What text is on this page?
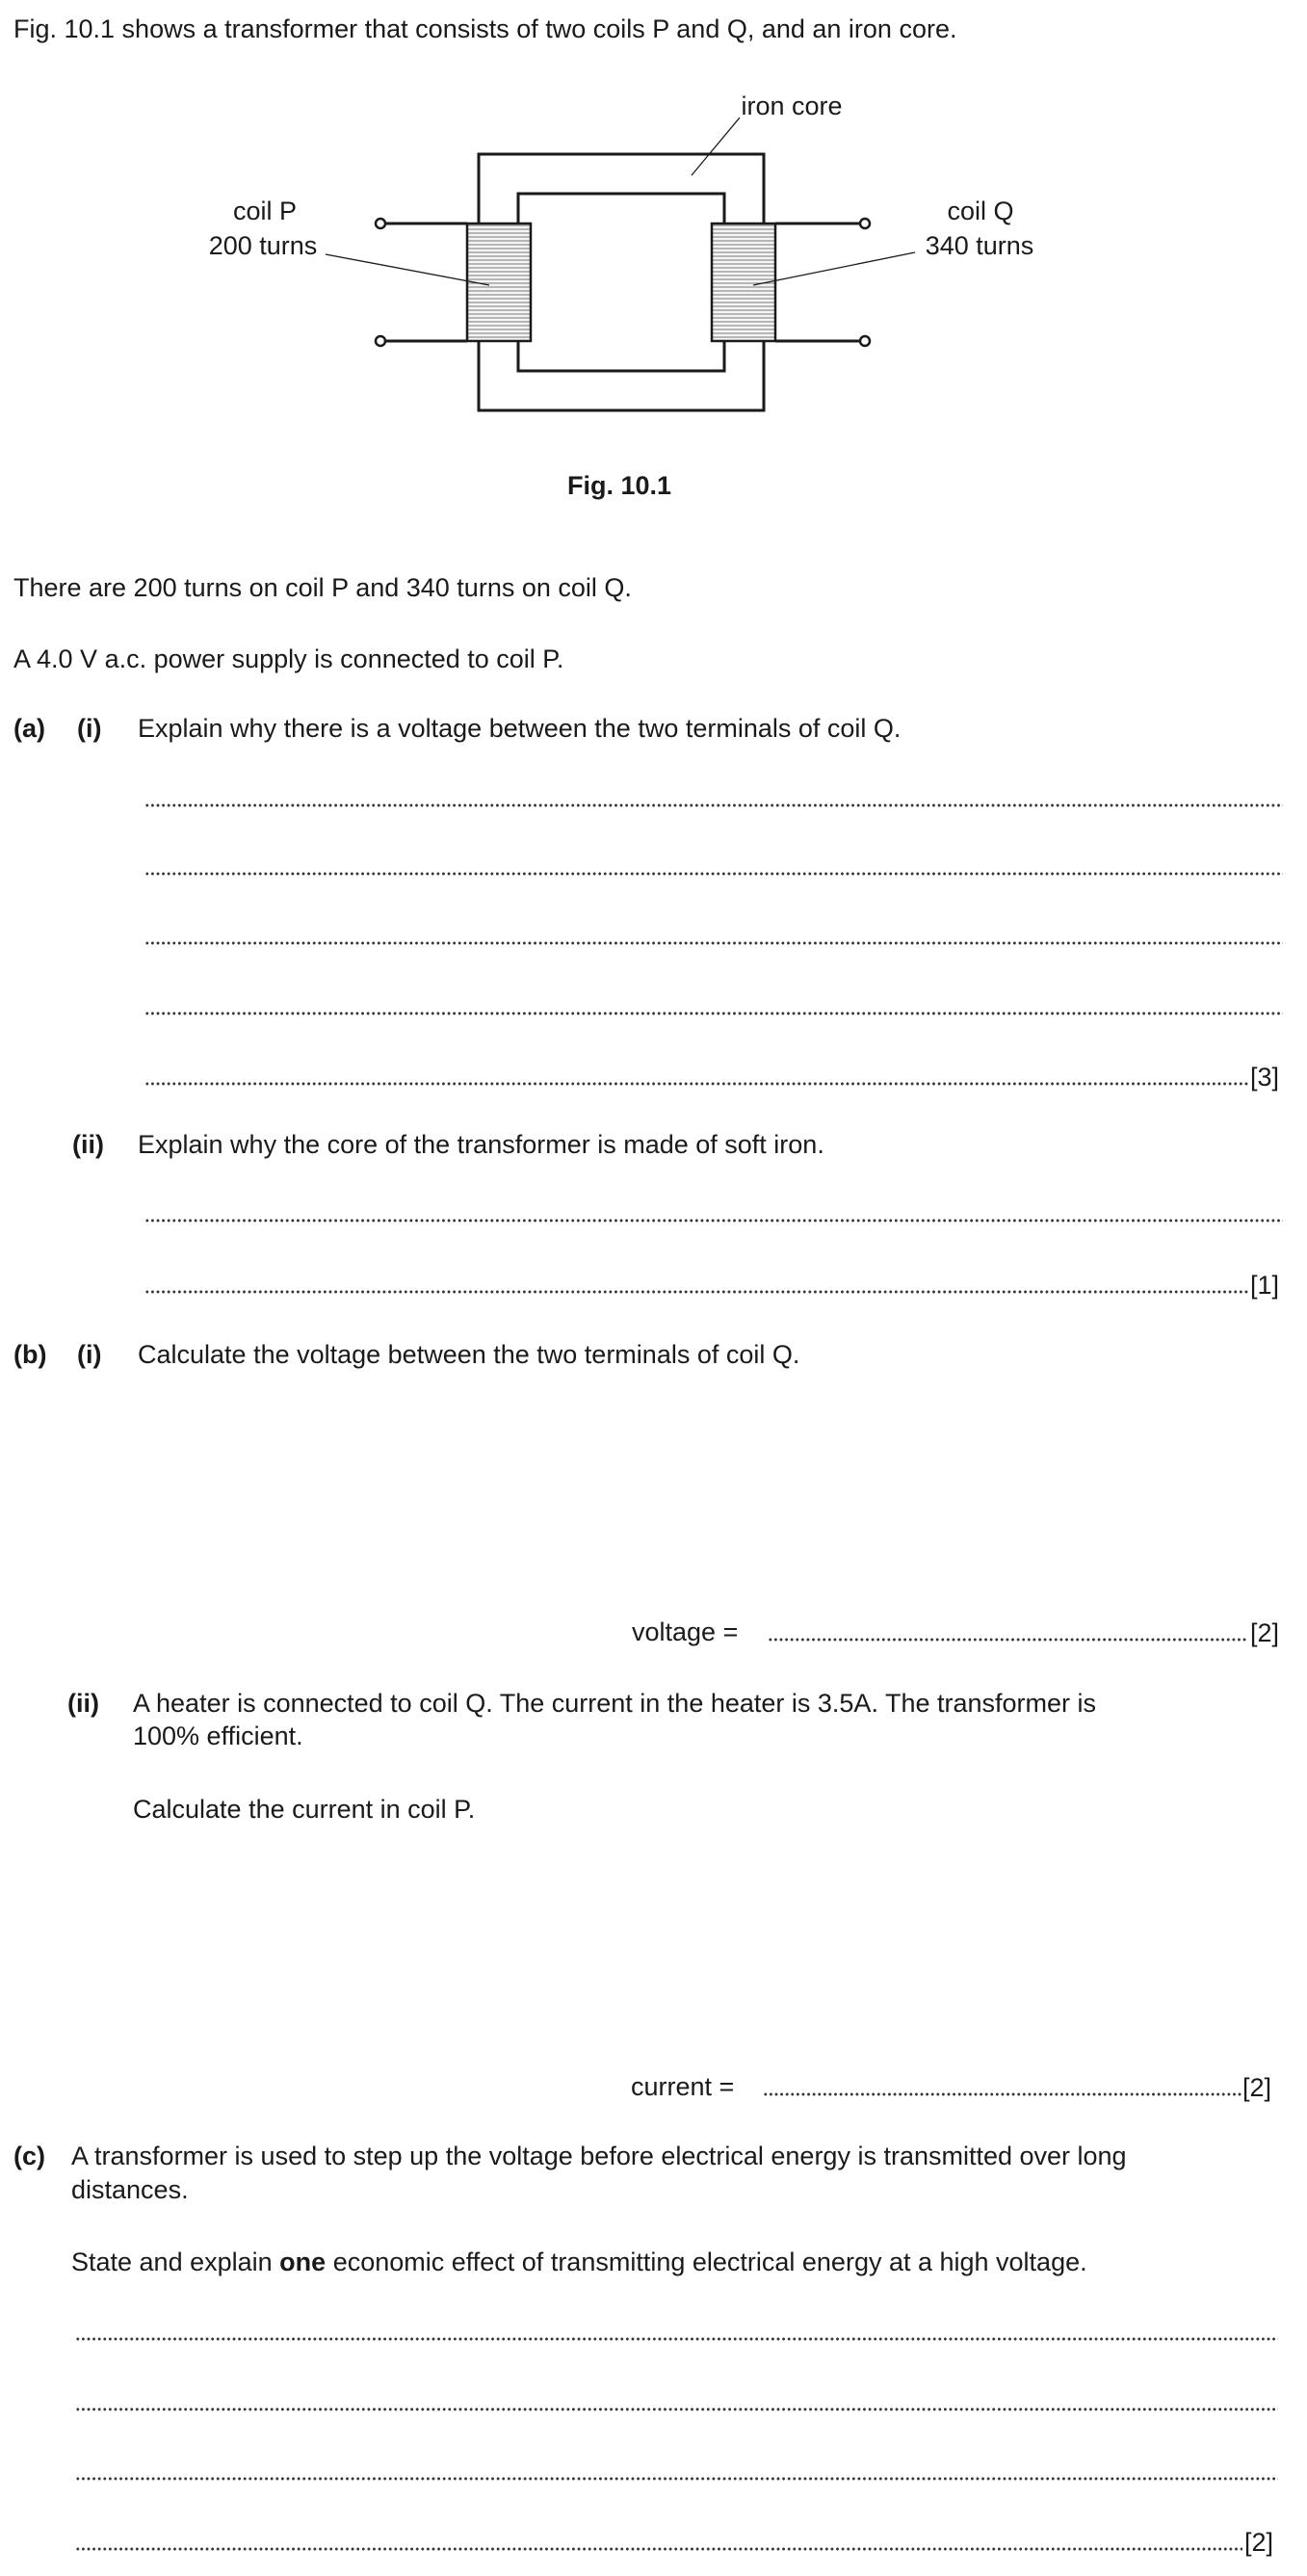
Fig. 10.1 shows a transformer that consists of two coils P and Q, and an iron core.
iron core
coil P
200 turns
coil Q
340 turns
Fig. 10.1
There are 200 turns on coil P and 340 turns on coil Q.
A 4.0 V a.c. power supply is connected to coil P.
(a) (i) Explain why there is a voltage between the two terminals of coil Q.
[3]
(ii) Explain why the core of the transformer is made of soft iron.
[1]
(b) (i) Calculate the voltage between the two terminals of coil Q.
voltage =	[2]
(ii) A heater is connected to coil Q. The current in the heater is 3.5A. The transformer is
100% efficient.
Calculate the current in coil P.
current =	[2]
(c) A transformer is used to step up the voltage before electrical energy is transmitted over long
distances.
State and explain one economic effect of transmitting electrical energy at a high voltage.
[2]
